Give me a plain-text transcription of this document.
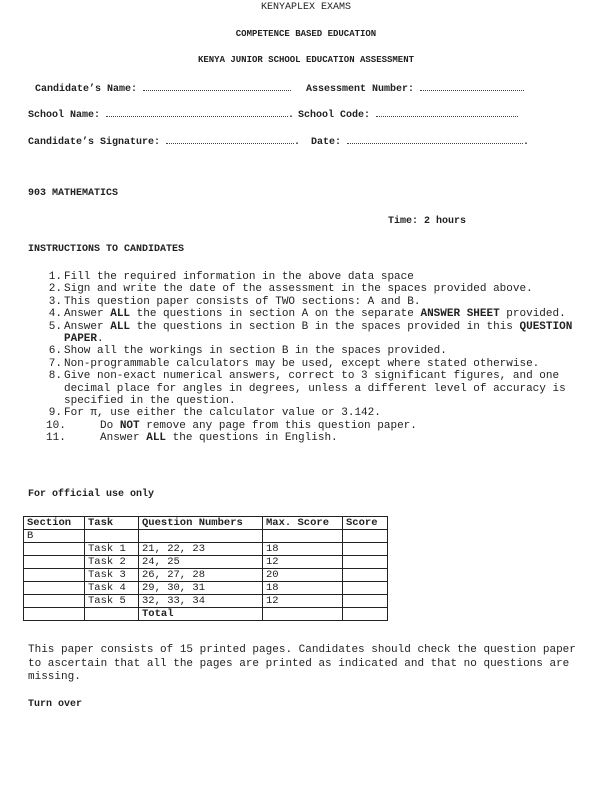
KENYAPLEX EXAMS
COMPETENCE BASED EDUCATION
KENYA JUNIOR SCHOOL EDUCATION ASSESSMENT
Candidate’s Name:	Assessment Number:
School Name:	. School Code:
Candidate’s Signature:	. Date:	.
903 MATHEMATICS
Time: 2 hours
INSTRUCTIONS TO CANDIDATES
1. Fill the required information in the above data space
2. Sign and write the date of the assessment in the spaces provided above.
3. This question paper consists of TWO sections: A and B.
4. Answer ALL the questions in section A on the separate ANSWER SHEET provided.
5. Answer ALL the questions in section B in the spaces provided in this QUESTION PAPER.
6. Show all the workings in section B in the spaces provided.
7. Non-programmable calculators may be used, except where stated otherwise.
8. Give non-exact numerical answers, correct to 3 significant figures, and one decimal place for angles in degrees, unless a different level of accuracy is specified in the question.
9. For π, use either the calculator value or 3.142.
10.	Do NOT remove any page from this question paper.
11.	Answer ALL the questions in English.
For official use only
Section	Task	Question Numbers	Max. Score	Score
B				
	Task 1	21, 22, 23	18	
	Task 2	24, 25	12	
	Task 3	26, 27, 28	20	
	Task 4	29, 30, 31	18	
	Task 5	32, 33, 34	12	
		Total		
This paper consists of 15 printed pages. Candidates should check the question paper to ascertain that all the pages are printed as indicated and that no questions are missing.
Turn over
